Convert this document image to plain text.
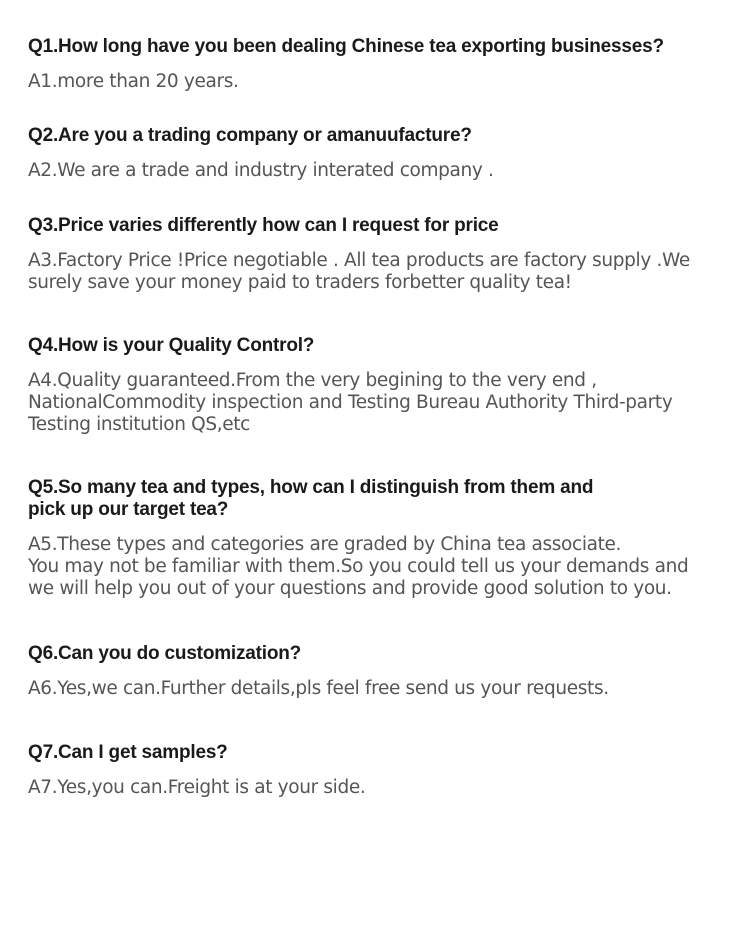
Q1.How long have you been dealing Chinese tea exporting businesses?

A1.more than 20 years.

Q2.Are you a trading company or amanuufacture?

A2.We are a trade and industry interated company .

Q3.Price varies differently how can I request for price

A3.Factory Price !Price negotiable . All tea products are factory supply .We
surely save your money paid to traders forbetter quality tea!

Q4.How is your Quality Control?

A4.Quality guaranteed.From the very begining to the very end ,
NationalCommodity inspection and Testing Bureau Authority Third-party
Testing institution QS,etc

Q5.So many tea and types, how can I distinguish from them and
pick up our target tea?

A5.These types and categories are graded by China tea associate.
You may not be familiar with them.So you could tell us your demands and
we will help you out of your questions and provide good solution to you.

Q6.Can you do customization?

A6.Yes,we can.Further details,pls feel free send us your requests.

Q7.Can I get samples?

A7.Yes,you can.Freight is at your side.
